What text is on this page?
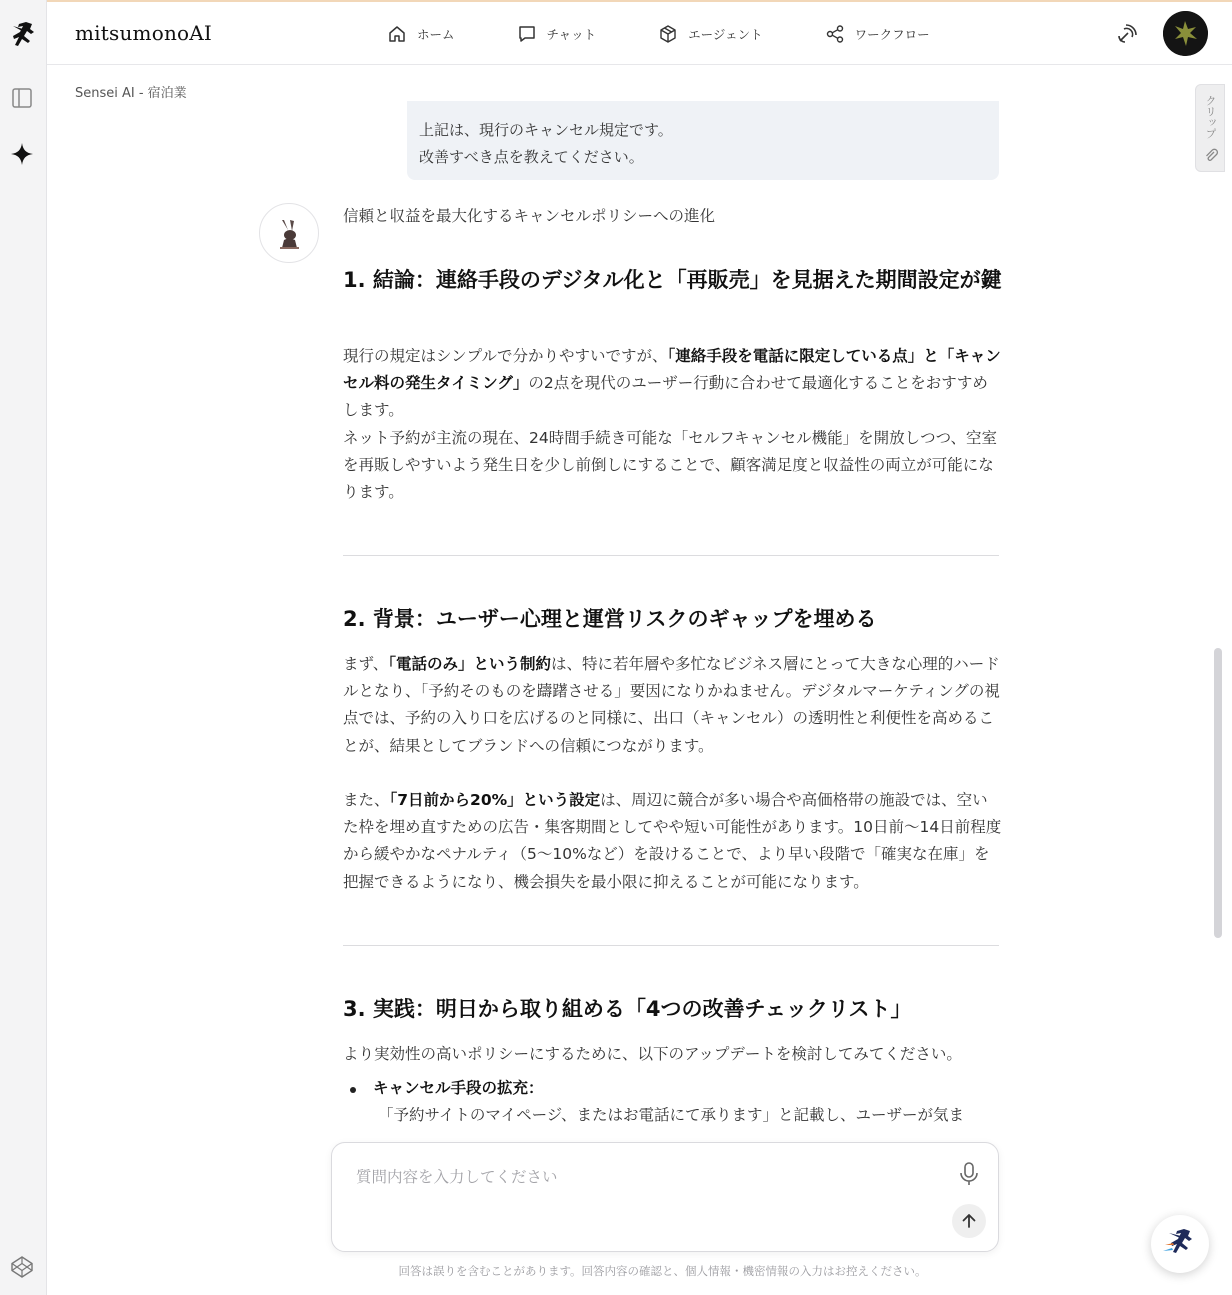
mitsumonoAI	ホーム	チャット	エージェント	ワークフロー
Sensei AI - 宿泊業
クリップ
上記は、現行のキャンセル規定です。
改善すべき点を教えてください。
信頼と収益を最大化するキャンセルポリシーへの進化
1. 結論：連絡手段のデジタル化と「再販売」を見据えた期間設定が鍵
現行の規定はシンプルで分かりやすいですが、「連絡手段を電話に限定している点」と「キャンセル料の発生タイミング」の2点を現代のユーザー行動に合わせて最適化することをおすすめします。
ネット予約が主流の現在、24時間手続き可能な「セルフキャンセル機能」を開放しつつ、空室を再販しやすいよう発生日を少し前倒しにすることで、顧客満足度と収益性の両立が可能になります。
2. 背景：ユーザー心理と運営リスクのギャップを埋める
まず、「電話のみ」という制約は、特に若年層や多忙なビジネス層にとって大きな心理的ハードルとなり、「予約そのものを躊躇させる」要因になりかねません。デジタルマーケティングの視点では、予約の入り口を広げるのと同様に、出口（キャンセル）の透明性と利便性を高めることが、結果としてブランドへの信頼につながります。
また、「7日前から20%」という設定は、周辺に競合が多い場合や高価格帯の施設では、空いた枠を埋め直すための広告・集客期間としてやや短い可能性があります。10日前〜14日前程度から緩やかなペナルティ（5〜10%など）を設けることで、より早い段階で「確実な在庫」を把握できるようになり、機会損失を最小限に抑えることが可能になります。
3. 実践：明日から取り組める「4つの改善チェックリスト」
より実効性の高いポリシーにするために、以下のアップデートを検討してみてください。
キャンセル手段の拡充：
「予約サイトのマイページ、またはお電話にて承ります」と記載し、ユーザーが気ま
質問内容を入力してください
回答は誤りを含むことがあります。回答内容の確認と、個人情報・機密情報の入力はお控えください。
